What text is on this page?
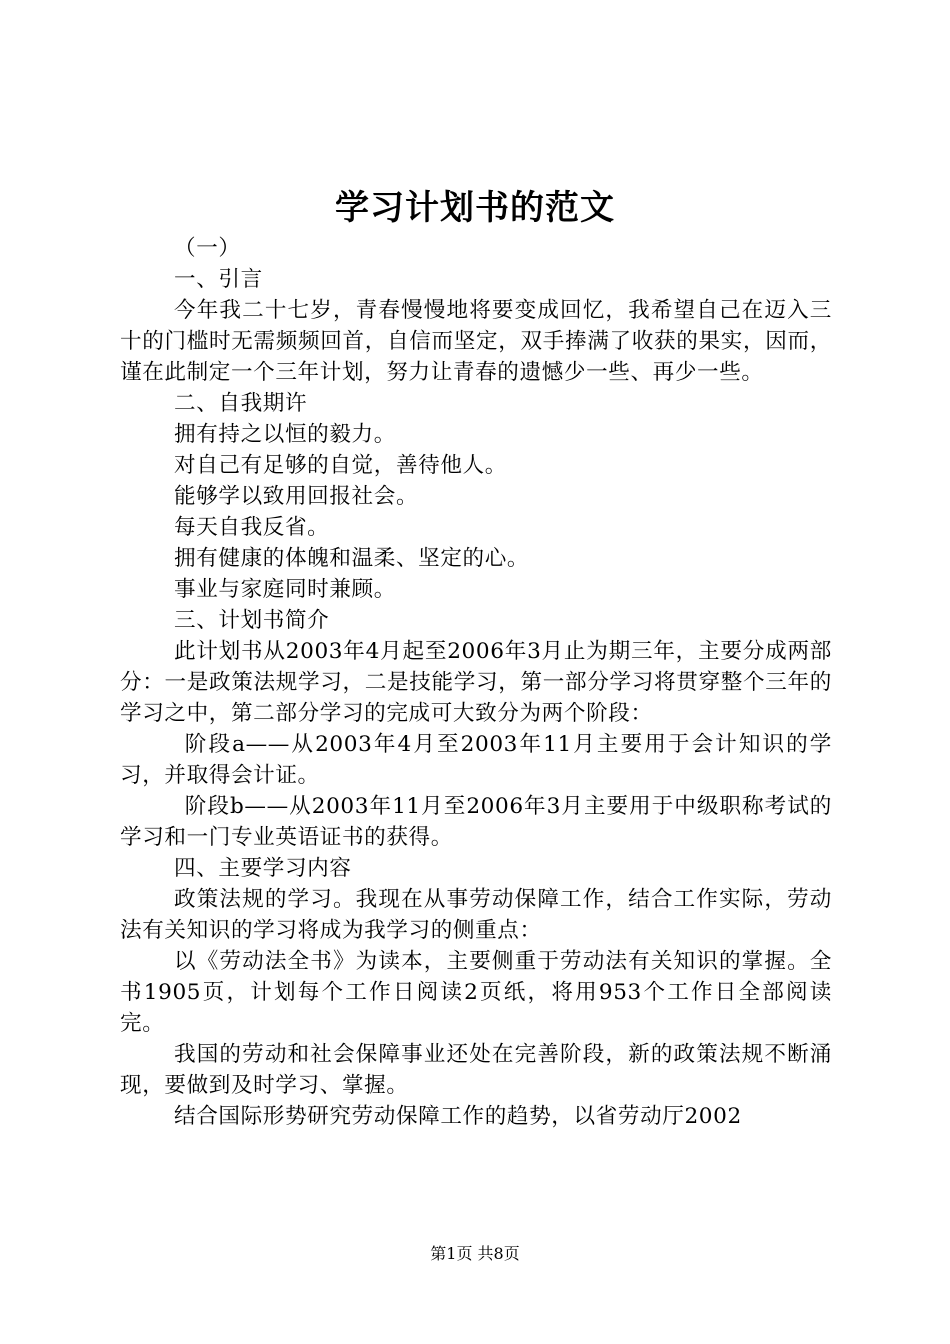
学习计划书的范文

（一）

一、引言

今年我二十七岁，青春慢慢地将要变成回忆，我希望自己在迈入三十的门槛时无需频频回首，自信而坚定，双手捧满了收获的果实，因而，谨在此制定一个三年计划，努力让青春的遗憾少一些、再少一些。

二、自我期许

拥有持之以恒的毅力。

对自己有足够的自觉，善待他人。

能够学以致用回报社会。

每天自我反省。

拥有健康的体魄和温柔、坚定的心。

事业与家庭同时兼顾。

三、计划书简介

此计划书从2003年4月起至2006年3月止为期三年，主要分成两部分：一是政策法规学习，二是技能学习，第一部分学习将贯穿整个三年的学习之中，第二部分学习的完成可大致分为两个阶段：

阶段a——从2003年4月至2003年11月主要用于会计知识的学习，并取得会计证。

阶段b——从2003年11月至2006年3月主要用于中级职称考试的学习和一门专业英语证书的获得。

四、主要学习内容

政策法规的学习。我现在从事劳动保障工作，结合工作实际，劳动法有关知识的学习将成为我学习的侧重点：

以《劳动法全书》为读本，主要侧重于劳动法有关知识的掌握。全书1905页，计划每个工作日阅读2页纸，将用953个工作日全部阅读完。

我国的劳动和社会保障事业还处在完善阶段，新的政策法规不断涌现，要做到及时学习、掌握。

结合国际形势研究劳动保障工作的趋势，以省劳动厅2002

第1页 共8页
